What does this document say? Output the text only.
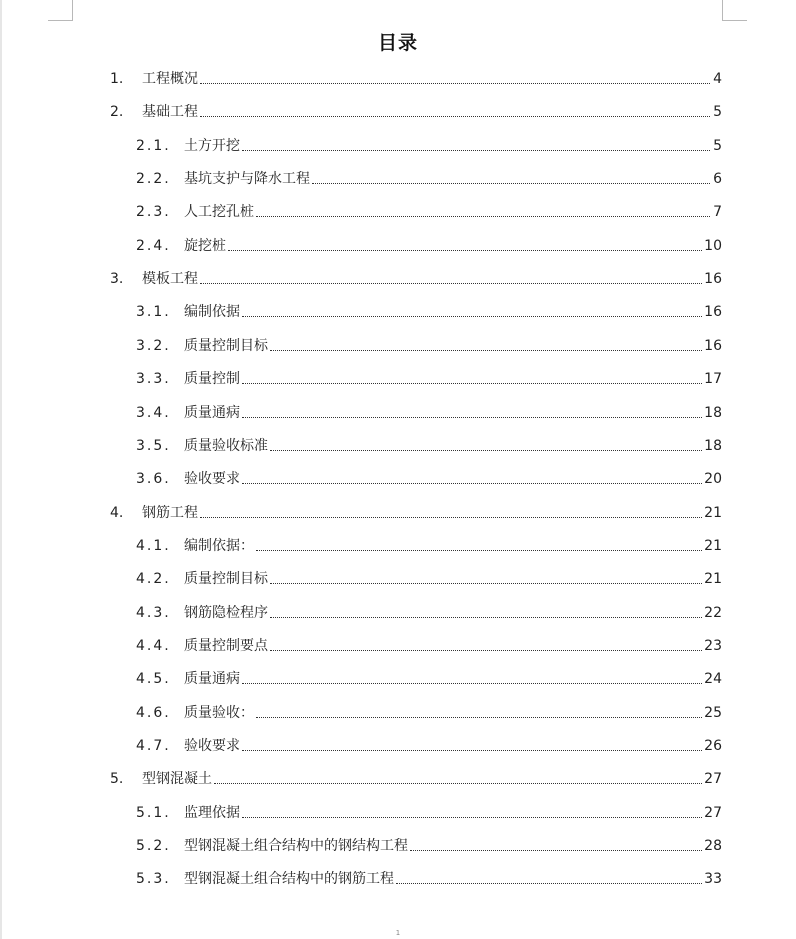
目录
1.	工程概况	4
2.	基础工程	5
2.1. 土方开挖	5
2.2. 基坑支护与降水工程	6
2.3. 人工挖孔桩	7
2.4. 旋挖桩	10
3.	模板工程	16
3.1. 编制依据	16
3.2. 质量控制目标	16
3.3. 质量控制	17
3.4. 质量通病	18
3.5. 质量验收标准	18
3.6. 验收要求	20
4.	钢筋工程	21
4.1. 编制依据：	21
4.2. 质量控制目标	21
4.3. 钢筋隐检程序	22
4.4. 质量控制要点	23
4.5. 质量通病	24
4.6. 质量验收：	25
4.7. 验收要求	26
5.	型钢混凝土	27
5.1. 监理依据	27
5.2. 型钢混凝土组合结构中的钢结构工程	28
5.3. 型钢混凝土组合结构中的钢筋工程	33
1
